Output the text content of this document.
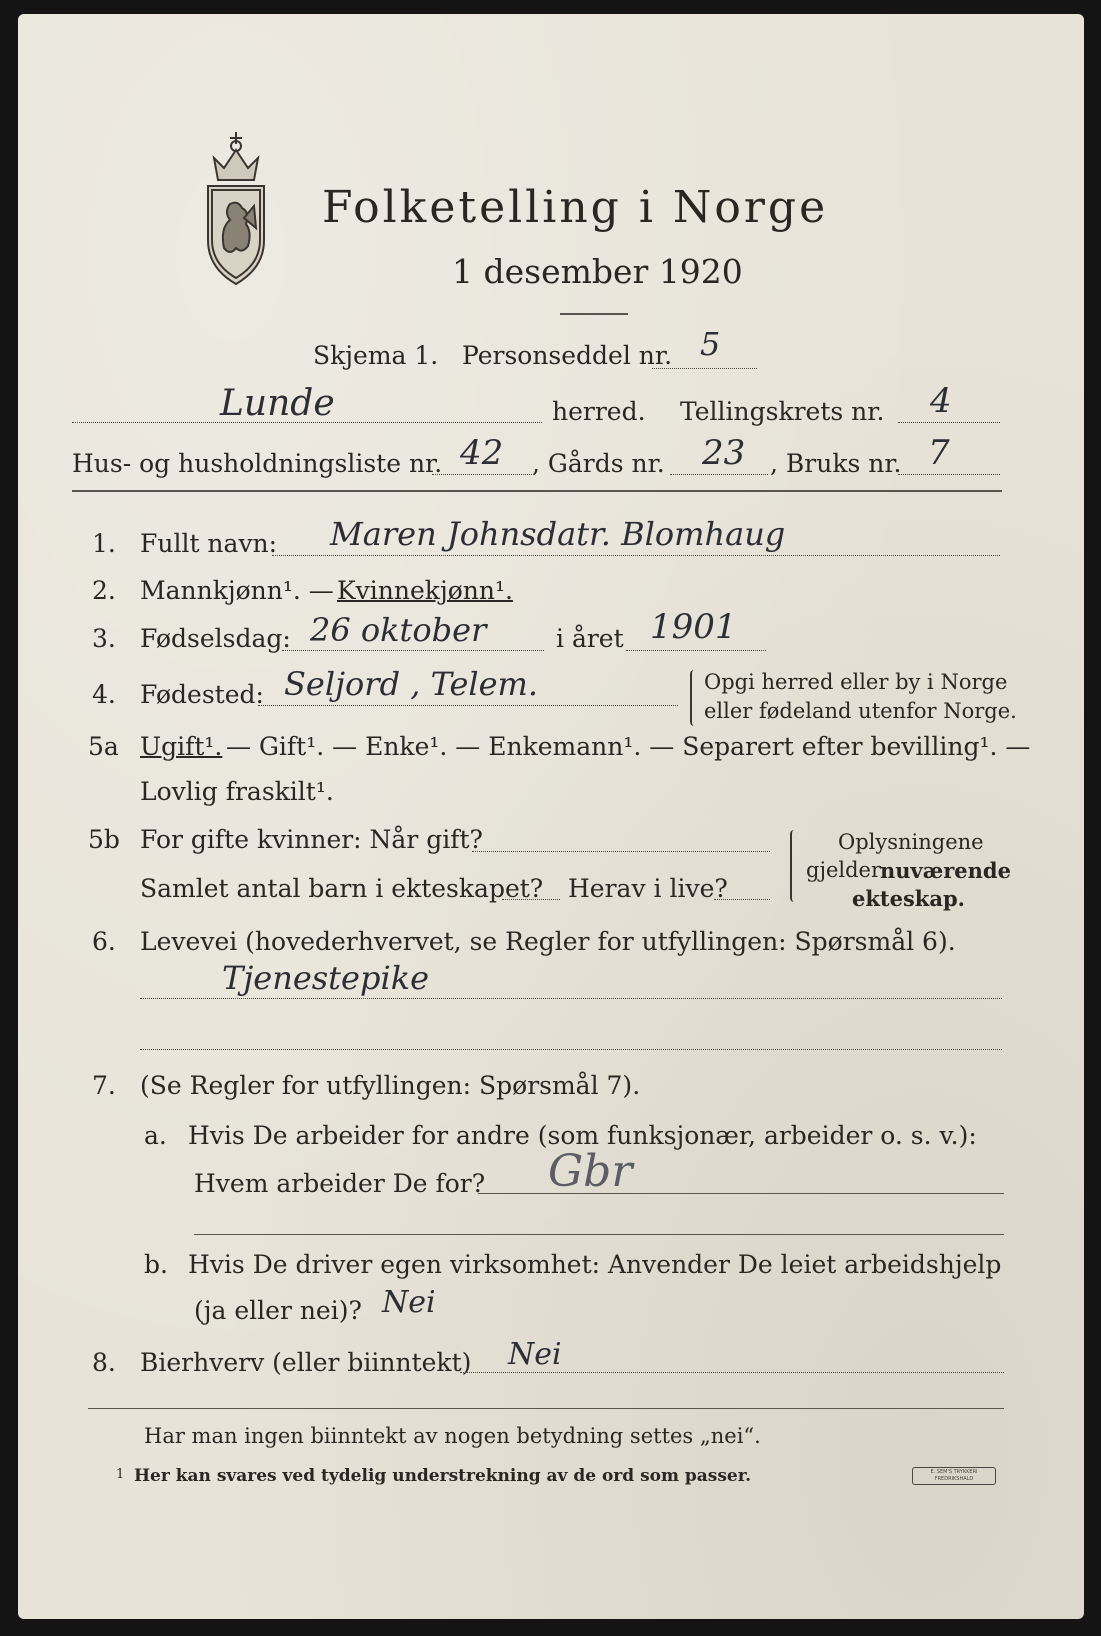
Folketelling i Norge
1 desember 1920
Skjema 1. Personseddel nr. 5
Lunde	herred. Tellingskrets nr. 4
Hus- og husholdningsliste nr. 42 , Gårds nr. 23 , Bruks nr. 7
1. Fullt navn: Maren Johnsdatr. Blomhaug
2. Mannkjønn¹. — Kvinnekjønn¹.
3. Fødselsdag: 26 oktober	i året 1901
4. Fødested: Seljord , Telem.	Opgi herred eller by i Norge
eller fødeland utenfor Norge.
5a Ugift¹. — Gift¹. — Enke¹. — Enkemann¹. — Separert efter bevilling¹. —
Lovlig fraskilt¹.
5b For gifte kvinner: Når gift?
Samlet antal barn i ekteskapet? Herav i live?
Oplysningene
gjelder
nuværende
ekteskap.
6. Levevei (hovederhvervet, se Regler for utfyllingen: Spørsmål 6).
Tjenestepike
7. (Se Regler for utfyllingen: Spørsmål 7).
a. Hvis De arbeider for andre (som funksjonær, arbeider o. s. v.):
Hvem arbeider De for? Gbr
b. Hvis De driver egen virksomhet: Anvender De leiet arbeidshjelp
(ja eller nei)? Nei
8. Bierhverv (eller biinntekt) Nei
Har man ingen biinntekt av nogen betydning settes „nei“.
1 Her kan svares ved tydelig understrekning av de ord som passer.	E. SEM'S TRYKKERI FREDRIKSHALD
